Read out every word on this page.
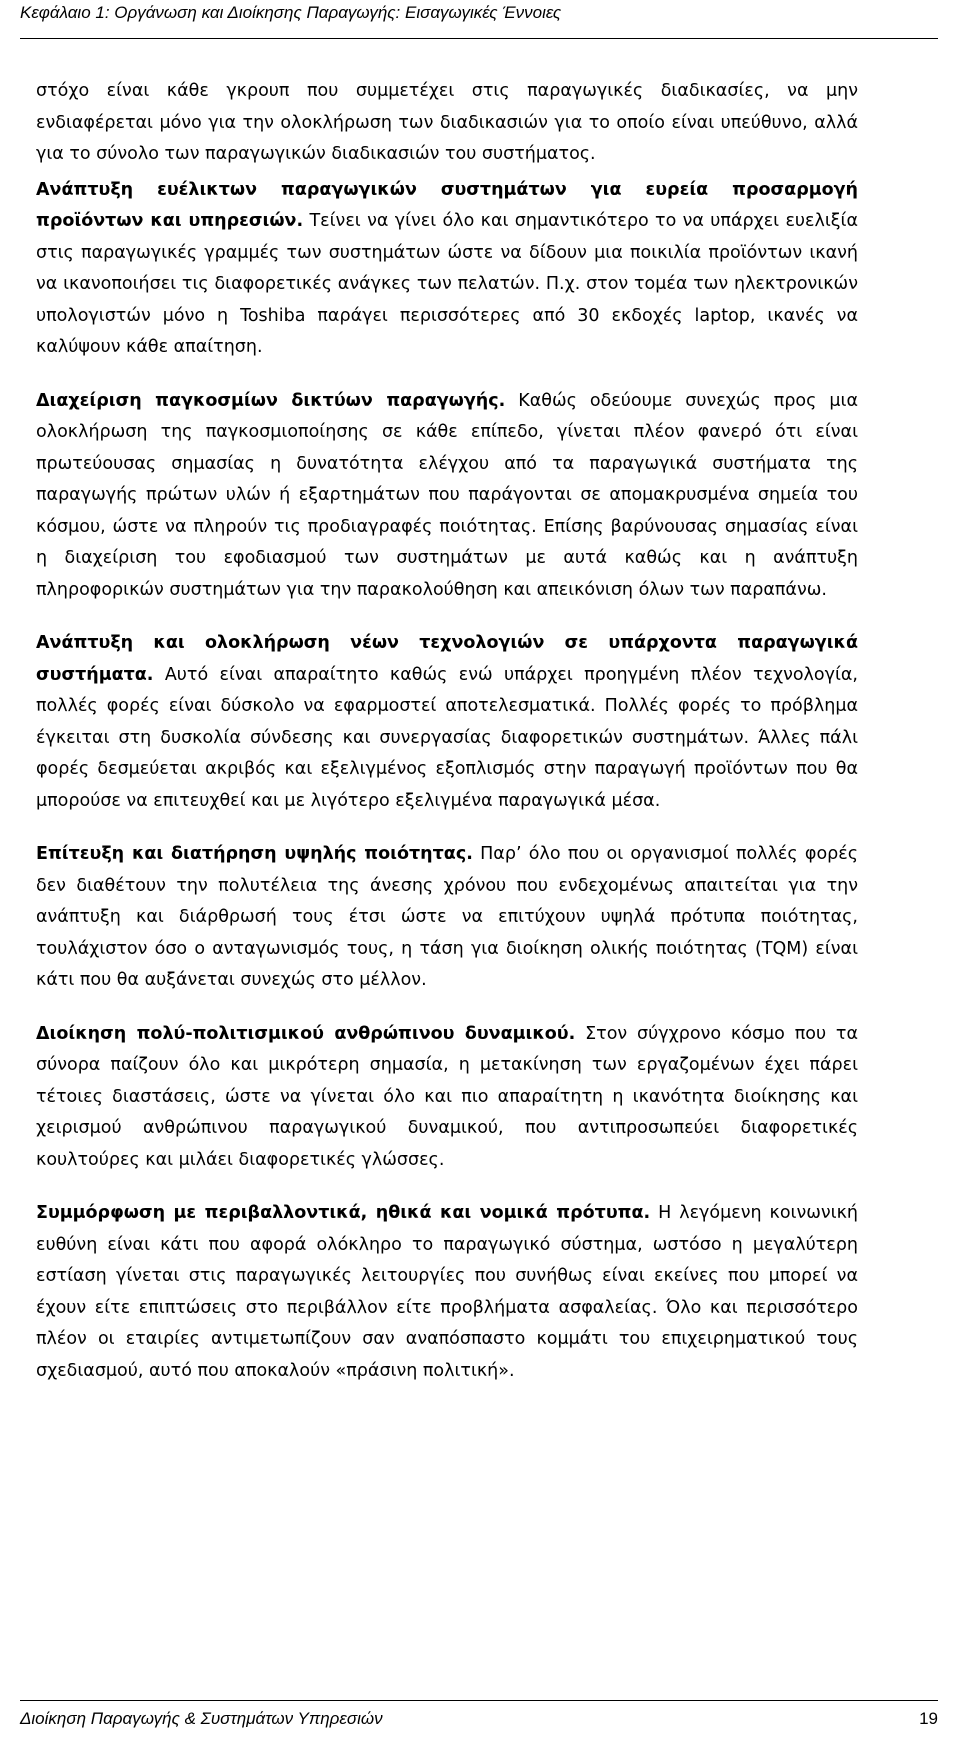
Κεφάλαιο 1: Οργάνωση και Διοίκησης Παραγωγής: Εισαγωγικές Έννοιες

στόχο είναι κάθε γκρουπ που συμμετέχει στις παραγωγικές διαδικασίες, να μην ενδιαφέρεται μόνο για την ολοκλήρωση των διαδικασιών για το οποίο είναι υπεύθυνο, αλλά για το σύνολο των παραγωγικών διαδικασιών του συστήματος.

Ανάπτυξη ευέλικτων παραγωγικών συστημάτων για ευρεία προσαρμογή προϊόντων και υπηρεσιών. Τείνει να γίνει όλο και σημαντικότερο το να υπάρχει ευελιξία στις παραγωγικές γραμμές των συστημάτων ώστε να δίδουν μια ποικιλία προϊόντων ικανή να ικανοποιήσει τις διαφορετικές ανάγκες των πελατών. Π.χ. στον τομέα των ηλεκτρονικών υπολογιστών μόνο η Toshiba παράγει περισσότερες από 30 εκδοχές laptop, ικανές να καλύψουν κάθε απαίτηση.

Διαχείριση παγκοσμίων δικτύων παραγωγής. Καθώς οδεύουμε συνεχώς προς μια ολοκλήρωση της παγκοσμιοποίησης σε κάθε επίπεδο, γίνεται πλέον φανερό ότι είναι πρωτεύουσας σημασίας η δυνατότητα ελέγχου από τα παραγωγικά συστήματα της παραγωγής πρώτων υλών ή εξαρτημάτων που παράγονται σε απομακρυσμένα σημεία του κόσμου, ώστε να πληρούν τις προδιαγραφές ποιότητας. Επίσης βαρύνουσας σημασίας είναι η διαχείριση του εφοδιασμού των συστημάτων με αυτά καθώς και η ανάπτυξη πληροφορικών συστημάτων για την παρακολούθηση και απεικόνιση όλων των παραπάνω.

Ανάπτυξη και ολοκλήρωση νέων τεχνολογιών σε υπάρχοντα παραγωγικά συστήματα. Αυτό είναι απαραίτητο καθώς ενώ υπάρχει προηγμένη πλέον τεχνολογία, πολλές φορές είναι δύσκολο να εφαρμοστεί αποτελεσματικά. Πολλές φορές το πρόβλημα έγκειται στη δυσκολία σύνδεσης και συνεργασίας διαφορετικών συστημάτων. Άλλες πάλι φορές δεσμεύεται ακριβός και εξελιγμένος εξοπλισμός στην παραγωγή προϊόντων που θα μπορούσε να επιτευχθεί και με λιγότερο εξελιγμένα παραγωγικά μέσα.

Επίτευξη και διατήρηση υψηλής ποιότητας. Παρ’ όλο που οι οργανισμοί πολλές φορές δεν διαθέτουν την πολυτέλεια της άνεσης χρόνου που ενδεχομένως απαιτείται για την ανάπτυξη και διάρθρωσή τους έτσι ώστε να επιτύχουν υψηλά πρότυπα ποιότητας, τουλάχιστον όσο ο ανταγωνισμός τους, η τάση για διοίκηση ολικής ποιότητας (TQM) είναι κάτι που θα αυξάνεται συνεχώς στο μέλλον.

Διοίκηση πολύ-πολιτισμικού ανθρώπινου δυναμικού. Στον σύγχρονο κόσμο που τα σύνορα παίζουν όλο και μικρότερη σημασία, η μετακίνηση των εργαζομένων έχει πάρει τέτοιες διαστάσεις, ώστε να γίνεται όλο και πιο απαραίτητη η ικανότητα διοίκησης και χειρισμού ανθρώπινου παραγωγικού δυναμικού, που αντιπροσωπεύει διαφορετικές κουλτούρες και μιλάει διαφορετικές γλώσσες.

Συμμόρφωση με περιβαλλοντικά, ηθικά και νομικά πρότυπα. Η λεγόμενη κοινωνική ευθύνη είναι κάτι που αφορά ολόκληρο το παραγωγικό σύστημα, ωστόσο η μεγαλύτερη εστίαση γίνεται στις παραγωγικές λειτουργίες που συνήθως είναι εκείνες που μπορεί να έχουν είτε επιπτώσεις στο περιβάλλον είτε προβλήματα ασφαλείας. Όλο και περισσότερο πλέον οι εταιρίες αντιμετωπίζουν σαν αναπόσπαστο κομμάτι του επιχειρηματικού τους σχεδιασμού, αυτό που αποκαλούν «πράσινη πολιτική».

Διοίκηση Παραγωγής & Συστημάτων Υπηρεσιών	19
